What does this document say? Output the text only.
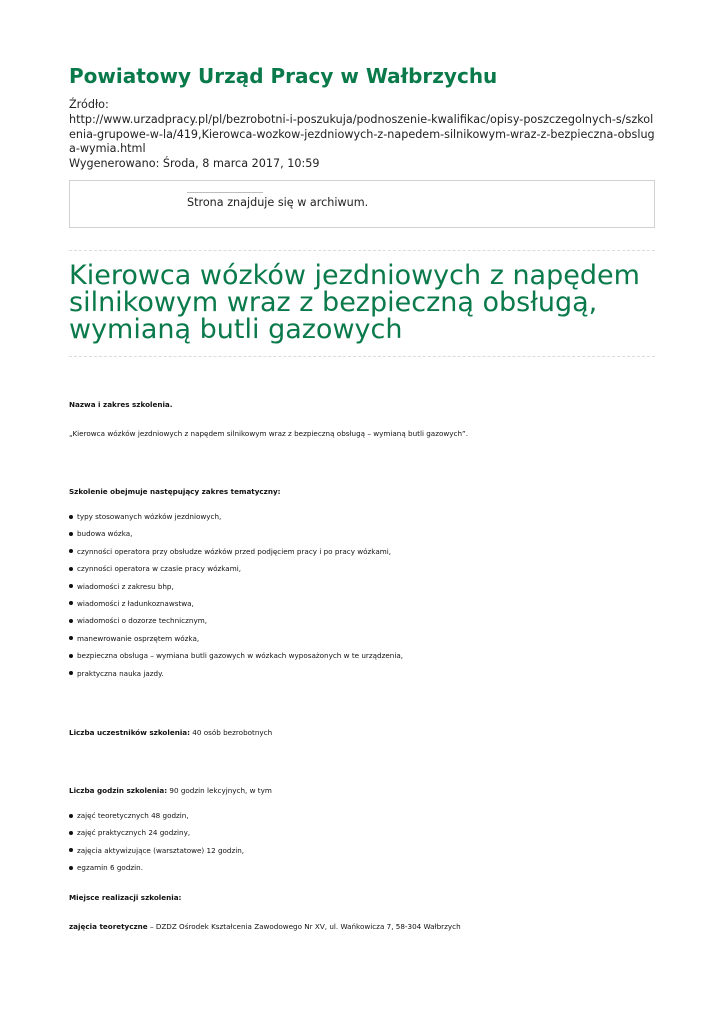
Powiatowy Urząd Pracy w Wałbrzychu
Źródło:
http://www.urzadpracy.pl/pl/bezrobotni-i-poszukuja/podnoszenie-kwalifikac/opisy-poszczegolnych-s/szkolenia-grupowe-w-la/419,Kierowca-wozkow-jezdniowych-z-napedem-silnikowym-wraz-z-bezpieczna-obsluga-wymia.html
Wygenerowano: Środa, 8 marca 2017, 10:59
Strona znajduje się w archiwum.
Kierowca wózków jezdniowych z napędem silnikowym wraz z bezpieczną obsługą, wymianą butli gazowych
Nazwa i zakres szkolenia.
„Kierowca wózków jezdniowych z napędem silnikowym wraz z bezpieczną obsługą – wymianą butli gazowych”.
Szkolenie obejmuje następujący zakres tematyczny:
typy stosowanych wózków jezdniowych,
budowa wózka,
czynności operatora przy obsłudze wózków przed podjęciem pracy i po pracy wózkami,
czynności operatora w czasie pracy wózkami,
wiadomości z zakresu bhp,
wiadomości z ładunkoznawstwa,
wiadomości o dozorze technicznym,
manewrowanie osprzętem wózka,
bezpieczna obsługa – wymiana butli gazowych w wózkach wyposażonych w te urządzenia,
praktyczna nauka jazdy.
Liczba uczestników szkolenia: 40 osób bezrobotnych
Liczba godzin szkolenia: 90 godzin lekcyjnych, w tym
zajęć teoretycznych 48 godzin,
zajęć praktycznych 24 godziny,
zajęcia aktywizujące (warsztatowe) 12 godzin,
egzamin 6 godzin.
Miejsce realizacji szkolenia:
zajęcia teoretyczne – DZDZ Ośrodek Kształcenia Zawodowego Nr XV, ul. Wańkowicza 7, 58-304 Wałbrzych
